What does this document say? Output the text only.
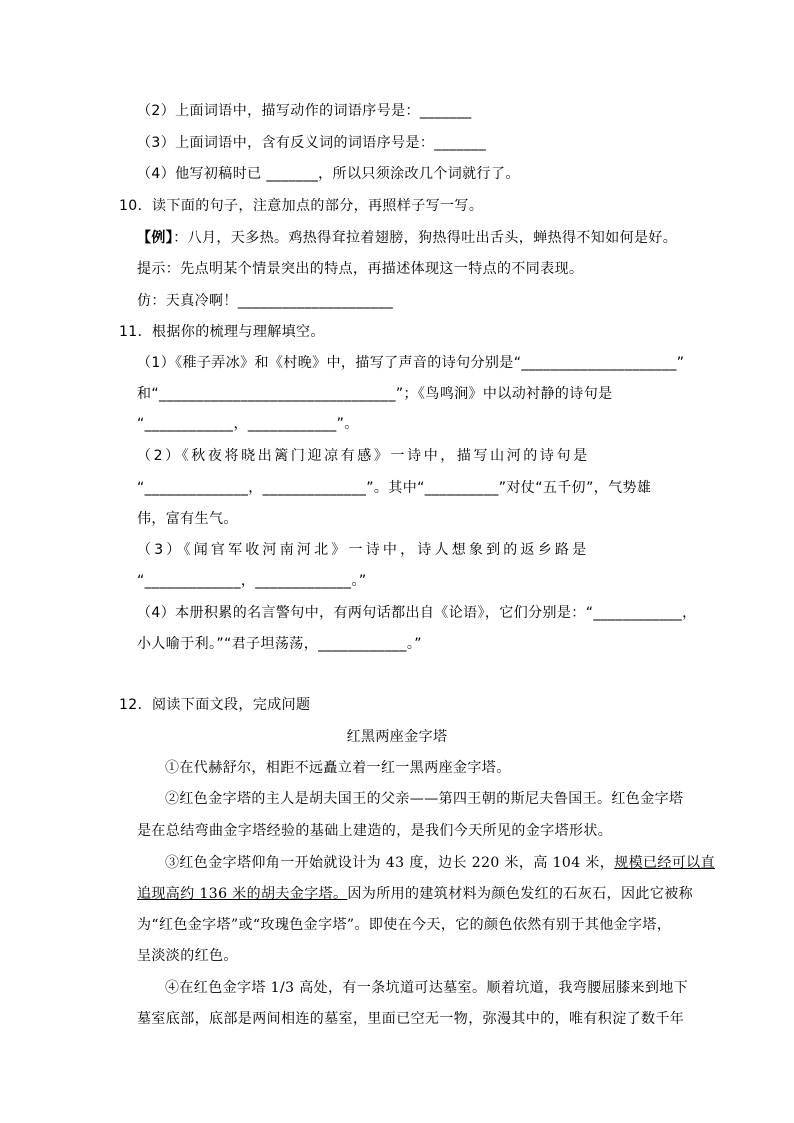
（2）上面词语中，描写动作的词语序号是：_______
（3）上面词语中，含有反义词的词语序号是：_______
（4）他写初稿时已 _______，所以只须涂改几个词就行了。
10．读下面的句子，注意加点的部分，再照样子写一写。
【例】：八月，天多热。鸡热得耷拉着翅膀，狗热得吐出舌头，蝉热得不知如何是好。
提示：先点明某个情景突出的特点，再描述体现这一特点的不同表现。
仿：天真冷啊！_____________________
11．根据你的梳理与理解填空。
（1）《稚子弄冰》和《村晚》中，描写了声音的诗句分别是“_____________________”
和“________________________________”；《鸟鸣涧》中以动衬静的诗句是
“____________，____________”。
（2）《秋夜将晓出篱门迎凉有感》一诗中，描写山河的诗句是
“______________，______________”。其中“__________”对仗“五千仞”，气势雄
伟，富有生气。
（3）《闻官军收河南河北》一诗中，诗人想象到的返乡路是
“_____________，_____________。”
（4）本册积累的名言警句中，有两句话都出自《论语》，它们分别是：“____________，
小人喻于利。”“君子坦荡荡，____________。”
12．阅读下面文段，完成问题
红黑两座金字塔
①在代赫舒尔，相距不远矗立着一红一黑两座金字塔。
②红色金字塔的主人是胡夫国王的父亲——第四王朝的斯尼夫鲁国王。红色金字塔
是在总结弯曲金字塔经验的基础上建造的，是我们今天所见的金字塔形状。
③红色金字塔仰角一开始就设计为 43 度，边长 220 米，高 104 米，规模已经可以直
追现高约 136 米的胡夫金字塔。因为所用的建筑材料为颜色发红的石灰石，因此它被称
为“红色金字塔”或“玫瑰色金字塔”。即使在今天，它的颜色依然有别于其他金字塔，
呈淡淡的红色。
④在红色金字塔 1/3 高处，有一条坑道可达墓室。顺着坑道，我弯腰屈膝来到地下
墓室底部，底部是两间相连的墓室，里面已空无一物，弥漫其中的，唯有积淀了数千年
